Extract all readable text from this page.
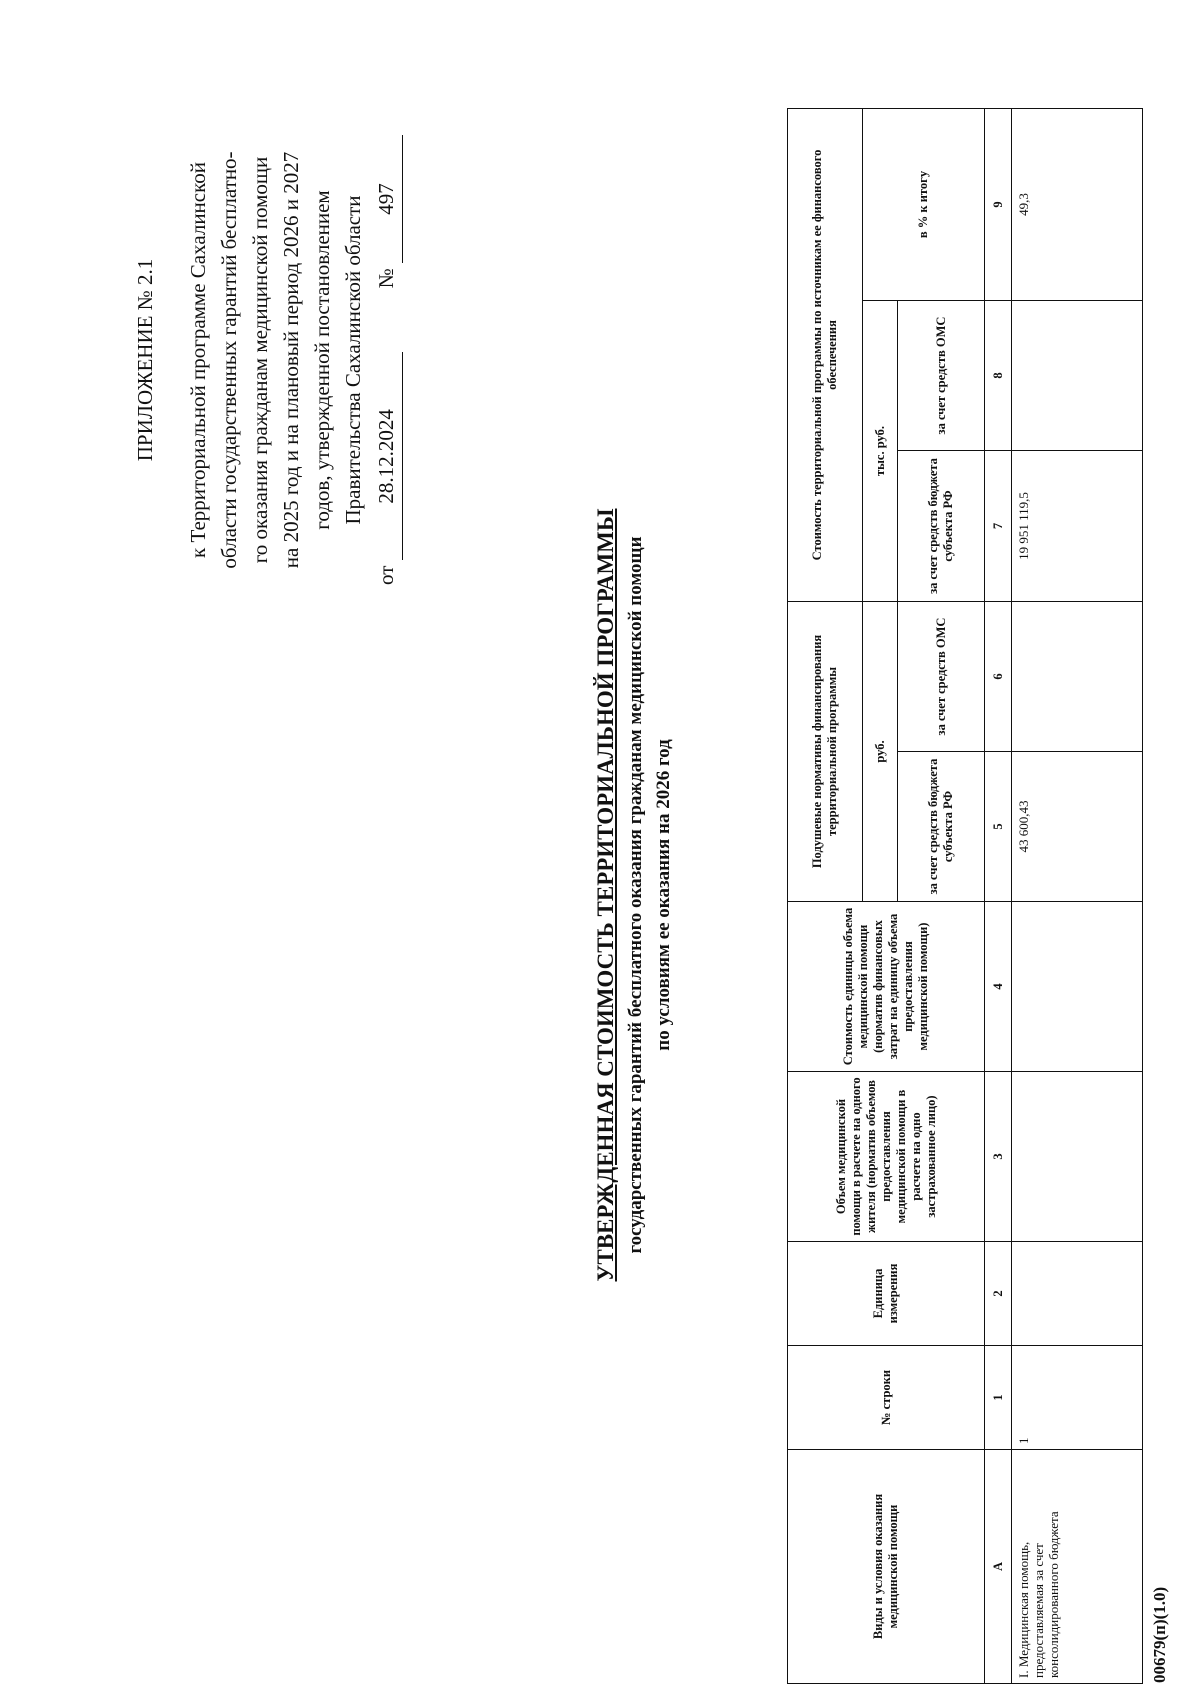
ПРИЛОЖЕНИЕ № 2.1 к Территориальной программе Сахалинской области государственных гарантий бесплатно- го оказания гражданам медицинской помощи на 2025 год и на плановый период 2026 и 2027 годов, утвержденной постановлением Правительства Сахалинской области
от 28.12.2024
№ 497
УТВЕРЖДЕННАЯ СТОИМОСТЬ ТЕРРИТОРИАЛЬНОЙ ПРОГРАММЫ государственных гарантий бесплатного оказания гражданам медицинской помощи по условиям ее оказания на 2026 год
Виды и условия оказания медицинской помощи	№ строки	Единица измерения	Объем медицинской помощи в расчете на одного жителя (норматив объемов предоставления медицинской помощи в расчете на одно застрахованное лицо)	Стоимость единицы объема медицинской помощи (норматив финансовых затрат на единицу объема предоставления медицинской помощи)	Подушевые нормативы финансирования территориальной программы		Стоимость территориальной программы по источникам ее финансового обеспечения		
					руб.		тыс. руб.		в % к итогу
					за счет средств бюджета субъекта РФ	за счет средств ОМС	за счет средств бюджета субъекта РФ	за счет средств ОМС	
А	1	2	3	4	5	6	7	8	9
I. Медицинская помощь, предоставляемая за счет консолидированного бюджета	1				43 600,43		19 951 119,5		49,3
00679(п)(1.0)
